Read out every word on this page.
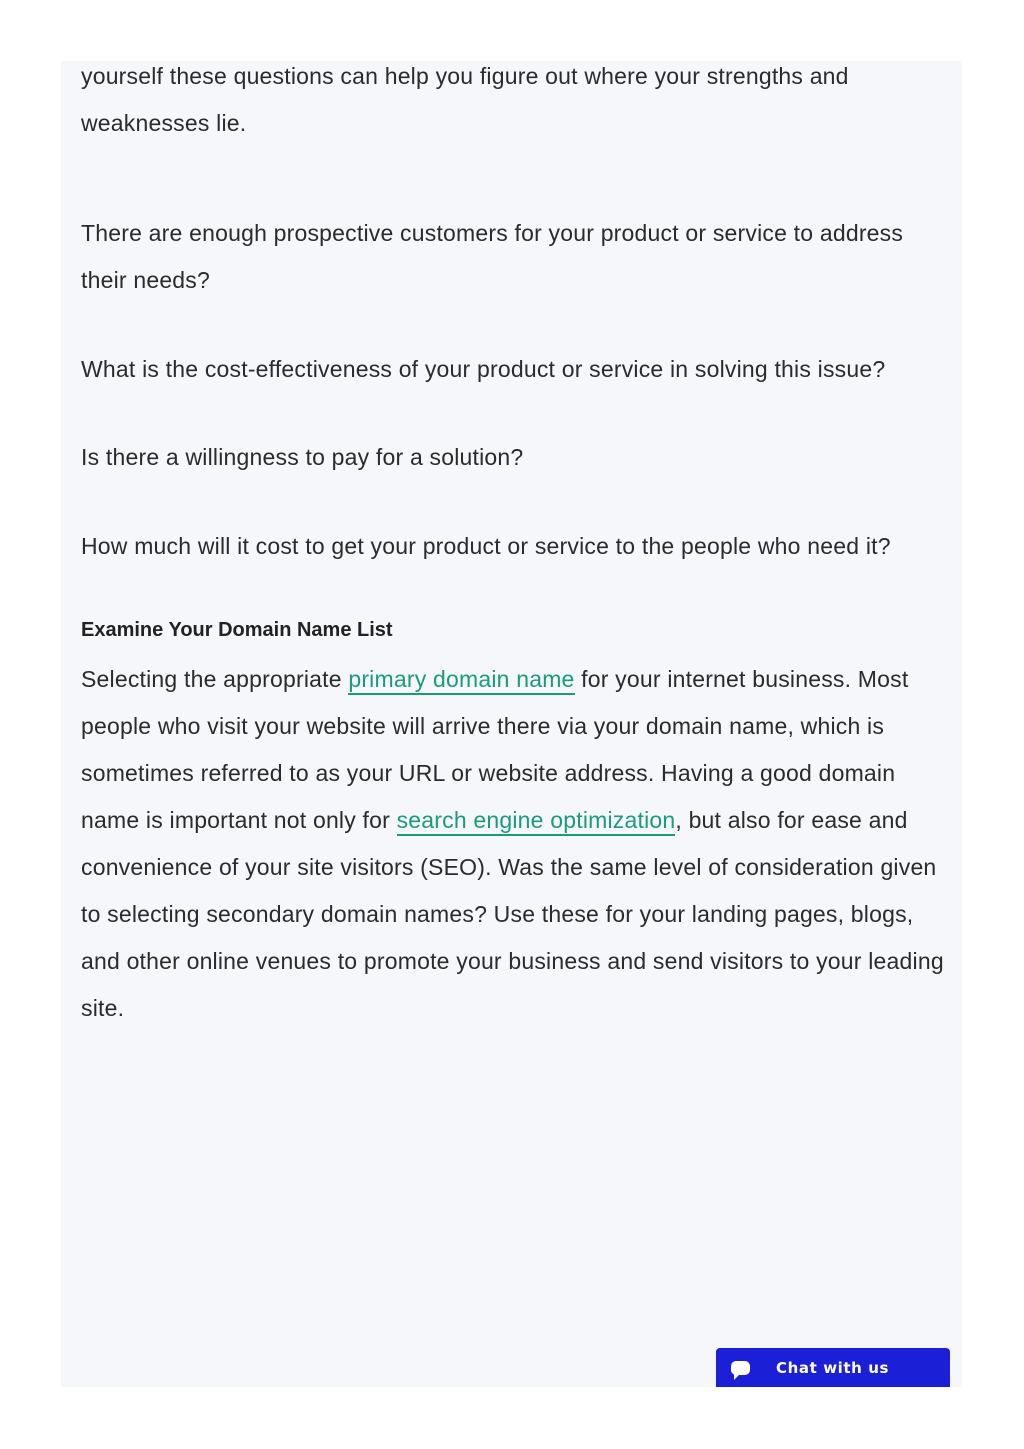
yourself these questions can help you figure out where your strengths and weaknesses lie.

There are enough prospective customers for your product or service to address their needs?

What is the cost-effectiveness of your product or service in solving this issue?

Is there a willingness to pay for a solution?

How much will it cost to get your product or service to the people who need it?

Examine Your Domain Name List

Selecting the appropriate primary domain name for your internet business. Most people who visit your website will arrive there via your domain name, which is sometimes referred to as your URL or website address. Having a good domain name is important not only for search engine optimization, but also for ease and convenience of your site visitors (SEO). Was the same level of consideration given to selecting secondary domain names? Use these for your landing pages, blogs, and other online venues to promote your business and send visitors to your leading site.

Chat with us
